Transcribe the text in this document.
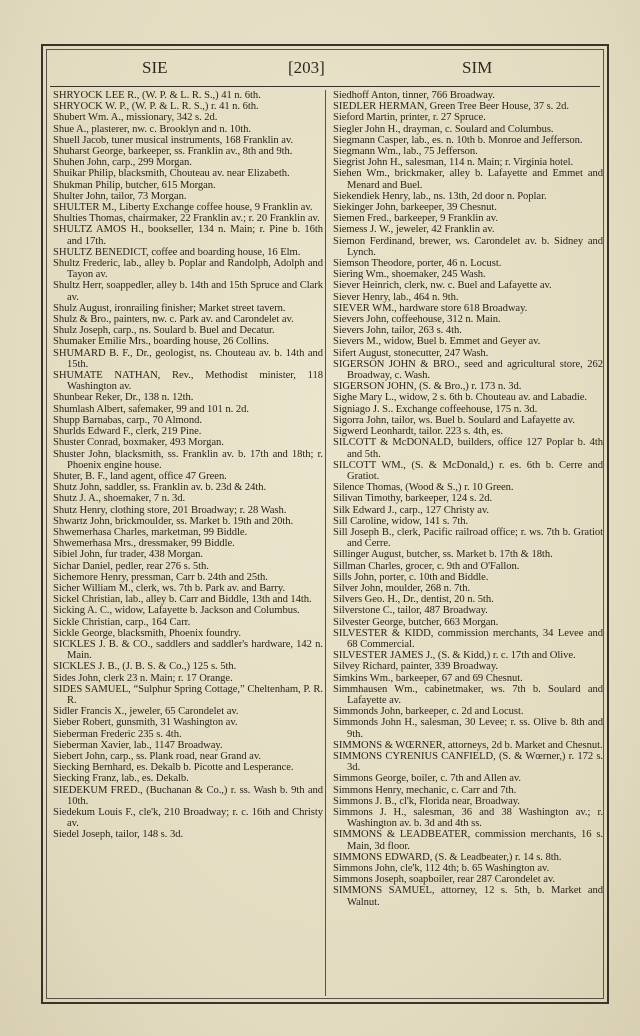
SIE	[203]	SIM
SHRYOCK LEE R., (W. P. & L. R. S.,) 41 n. 6th.
SHRYOCK W. P., (W. P. & L. R. S.,) r. 41 n. 6th.
Shubert Wm. A., missionary, 342 s. 2d.
Shue A., plasterer, nw. c. Brooklyn and n. 10th.
Shuell Jacob, tuner musical instruments, 168 Franklin av.
Shuharst George, barkeeper, ss. Franklin av., 8th and 9th.
Shuhen John, carp., 299 Morgan.
Shuikar Philip, blacksmith, Chouteau av. near Elizabeth.
Shukman Philip, butcher, 615 Morgan.
Shulter John, tailor, 73 Morgan.
SHULTER M., Liberty Exchange coffee house, 9 Franklin av.
Shulties Thomas, chairmaker, 22 Franklin av.; r. 20 Franklin av.
SHULTZ AMOS H., bookseller, 134 n. Main; r. Pine b. 16th and 17th.
SHULTZ BENEDICT, coffee and boarding house, 16 Elm.
Shultz Frederic, lab., alley b. Poplar and Randolph, Adolph and Tayon av.
Shultz Herr, soappedler, alley b. 14th and 15th Spruce and Clark av.
Shulz August, ironrailing finisher; Market street tavern.
Shulz & Bro., painters, nw. c. Park av. and Carondelet av.
Shulz Joseph, carp., ns. Soulard b. Buel and Decatur.
Shumaker Emilie Mrs., boarding house, 26 Collins.
SHUMARD B. F., Dr., geologist, ns. Chouteau av. b. 14th and 15th.
SHUMATE NATHAN, Rev., Methodist minister, 118 Washington av.
Shunbear Reker, Dr., 138 n. 12th.
Shumlash Albert, safemaker, 99 and 101 n. 2d.
Shupp Barnabas, carp., 70 Almond.
Shurlds Edward F., clerk, 219 Pine.
Shuster Conrad, boxmaker, 493 Morgan.
Shuster John, blacksmith, ss. Franklin av. b. 17th and 18th; r. Phoenix engine house.
Shuter, B. F., land agent, office 47 Green.
Shutz John, saddler, ss. Franklin av. b. 23d & 24th.
Shutz J. A., shoemaker, 7 n. 3d.
Shutz Henry, clothing store, 201 Broadway; r. 28 Wash.
Shwartz John, brickmoulder, ss. Market b. 19th and 20th.
Shwemerhasa Charles, marketman, 99 Biddle.
Shwemerhasa Mrs., dressmaker, 99 Biddle.
Sibiel John, fur trader, 438 Morgan.
Sichar Daniel, pedler, rear 276 s. 5th.
Sichemore Henry, pressman, Carr b. 24th and 25th.
Sicher William M., clerk, ws. 7th b. Park av. and Barry.
Sickel Christian, lab., alley b. Carr and Biddle, 13th and 14th.
Sicking A. C., widow, Lafayette b. Jackson and Columbus.
Sickle Christian, carp., 164 Carr.
Sickle George, blacksmith, Phoenix foundry.
SICKLES J. B. & CO., saddlers and saddler's hardware, 142 n. Main.
SICKLES J. B., (J. B. S. & Co.,) 125 s. 5th.
Sides John, clerk 23 n. Main; r. 17 Orange.
SIDES SAMUEL, “Sulphur Spring Cottage,” Cheltenham, P. R. R.
Sidler Francis X., jeweler, 65 Carondelet av.
Sieber Robert, gunsmith, 31 Washington av.
Sieberman Frederic 235 s. 4th.
Sieberman Xavier, lab., 1147 Broadway.
Siebert John, carp., ss. Plank road, near Grand av.
Siecking Bernhard, es. Dekalb b. Picotte and Lesperance.
Siecking Franz, lab., es. Dekalb.
SIEDEKUM FRED., (Buchanan & Co.,) r. ss. Wash b. 9th and 10th.
Siedekum Louis F., cle'k, 210 Broadway; r. c. 16th and Christy av.
Siedel Joseph, tailor, 148 s. 3d.
Siedhoff Anton, tinner, 766 Broadway.
SIEDLER HERMAN, Green Tree Beer House, 37 s. 2d.
Sieford Martin, printer, r. 27 Spruce.
Siegler John H., drayman, c. Soulard and Columbus.
Siegmann Casper, lab., es. n. 10th b. Monroe and Jefferson.
Siegmann Wm., lab., 75 Jefferson.
Siegrist John H., salesman, 114 n. Main; r. Virginia hotel.
Siehen Wm., brickmaker, alley b. Lafayette and Emmet and Menard and Buel.
Siekendiek Henry, lab., ns. 13th, 2d door n. Poplar.
Siekinger John, barkeeper, 39 Chesnut.
Siemen Fred., barkeeper, 9 Franklin av.
Siemess J. W., jeweler, 42 Franklin av.
Siemon Ferdinand, brewer, ws. Carondelet av. b. Sidney and Lynch.
Siemson Theodore, porter, 46 n. Locust.
Siering Wm., shoemaker, 245 Wash.
Siever Heinrich, clerk, nw. c. Buel and Lafayette av.
Siever Henry, lab., 464 n. 9th.
SIEVER WM., hardware store 618 Broadway.
Sievers John, coffeehouse, 312 n. Main.
Sievers John, tailor, 263 s. 4th.
Sievers M., widow, Buel b. Emmet and Geyer av.
Sifert August, stonecutter, 247 Wash.
SIGERSON JOHN & BRO., seed and agricultural store, 262 Broadway, c. Wash.
SIGERSON JOHN, (S. & Bro.,) r. 173 n. 3d.
Sighe Mary L., widow, 2 s. 6th b. Chouteau av. and Labadie.
Signiago J. S.. Exchange coffeehouse, 175 n. 3d.
Sigorra John, tailor, ws. Buel b. Soulard and Lafayette av.
Sigwerd Leonhardt, tailor. 223 s. 4th, es.
SILCOTT & McDONALD, builders, office 127 Poplar b. 4th and 5th.
SILCOTT WM., (S. & McDonald,) r. es. 6th b. Cerre and Gratiot.
Silence Thomas, (Wood & S.,) r. 10 Green.
Silivan Timothy, barkeeper, 124 s. 2d.
Silk Edward J., carp., 127 Christy av.
Sill Caroline, widow, 141 s. 7th.
Sill Joseph B., clerk, Pacific railroad office; r. ws. 7th b. Gratiot and Cerre.
Sillinger August, butcher, ss. Market b. 17th & 18th.
Sillman Charles, grocer, c. 9th and O'Fallon.
Sills John, porter, c. 10th and Biddle.
Silver John, moulder, 268 n. 7th.
Silvers Geo. H., Dr., dentist, 20 n. 5th.
Silverstone C., tailor, 487 Broadway.
Silvester George, butcher, 663 Morgan.
SILVESTER & KIDD, commission merchants, 34 Levee and 68 Commercial.
SILVESTER JAMES J., (S. & Kidd,) r. c. 17th and Olive.
Silvey Richard, painter, 339 Broadway.
Simkins Wm., barkeeper, 67 and 69 Chesnut.
Simmhausen Wm., cabinetmaker, ws. 7th b. Soulard and Lafayette av.
Simmonds John, barkeeper, c. 2d and Locust.
Simmonds John H., salesman, 30 Levee; r. ss. Olive b. 8th and 9th.
SIMMONS & WŒRNER, attorneys, 2d b. Market and Chesnut.
SIMMONS CYRENIUS CANFIELD, (S. & Wœrner,) r. 172 s. 3d.
Simmons George, boiler, c. 7th and Allen av.
Simmons Henry, mechanic, c. Carr and 7th.
Simmons J. B., cl'k, Florida near, Broadway.
Simmons J. H., salesman, 36 and 38 Washington av.; r. Washington av. b. 3d and 4th ss.
SIMMONS & LEADBEATER, commission merchants, 16 s. Main, 3d floor.
SIMMONS EDWARD, (S. & Leadbeater,) r. 14 s. 8th.
Simmons John, cle'k, 112 4th; b. 65 Washington av.
Simmons Joseph, soapboiler, rear 287 Carondelet av.
SIMMONS SAMUEL, attorney, 12 s. 5th, b. Market and Walnut.
